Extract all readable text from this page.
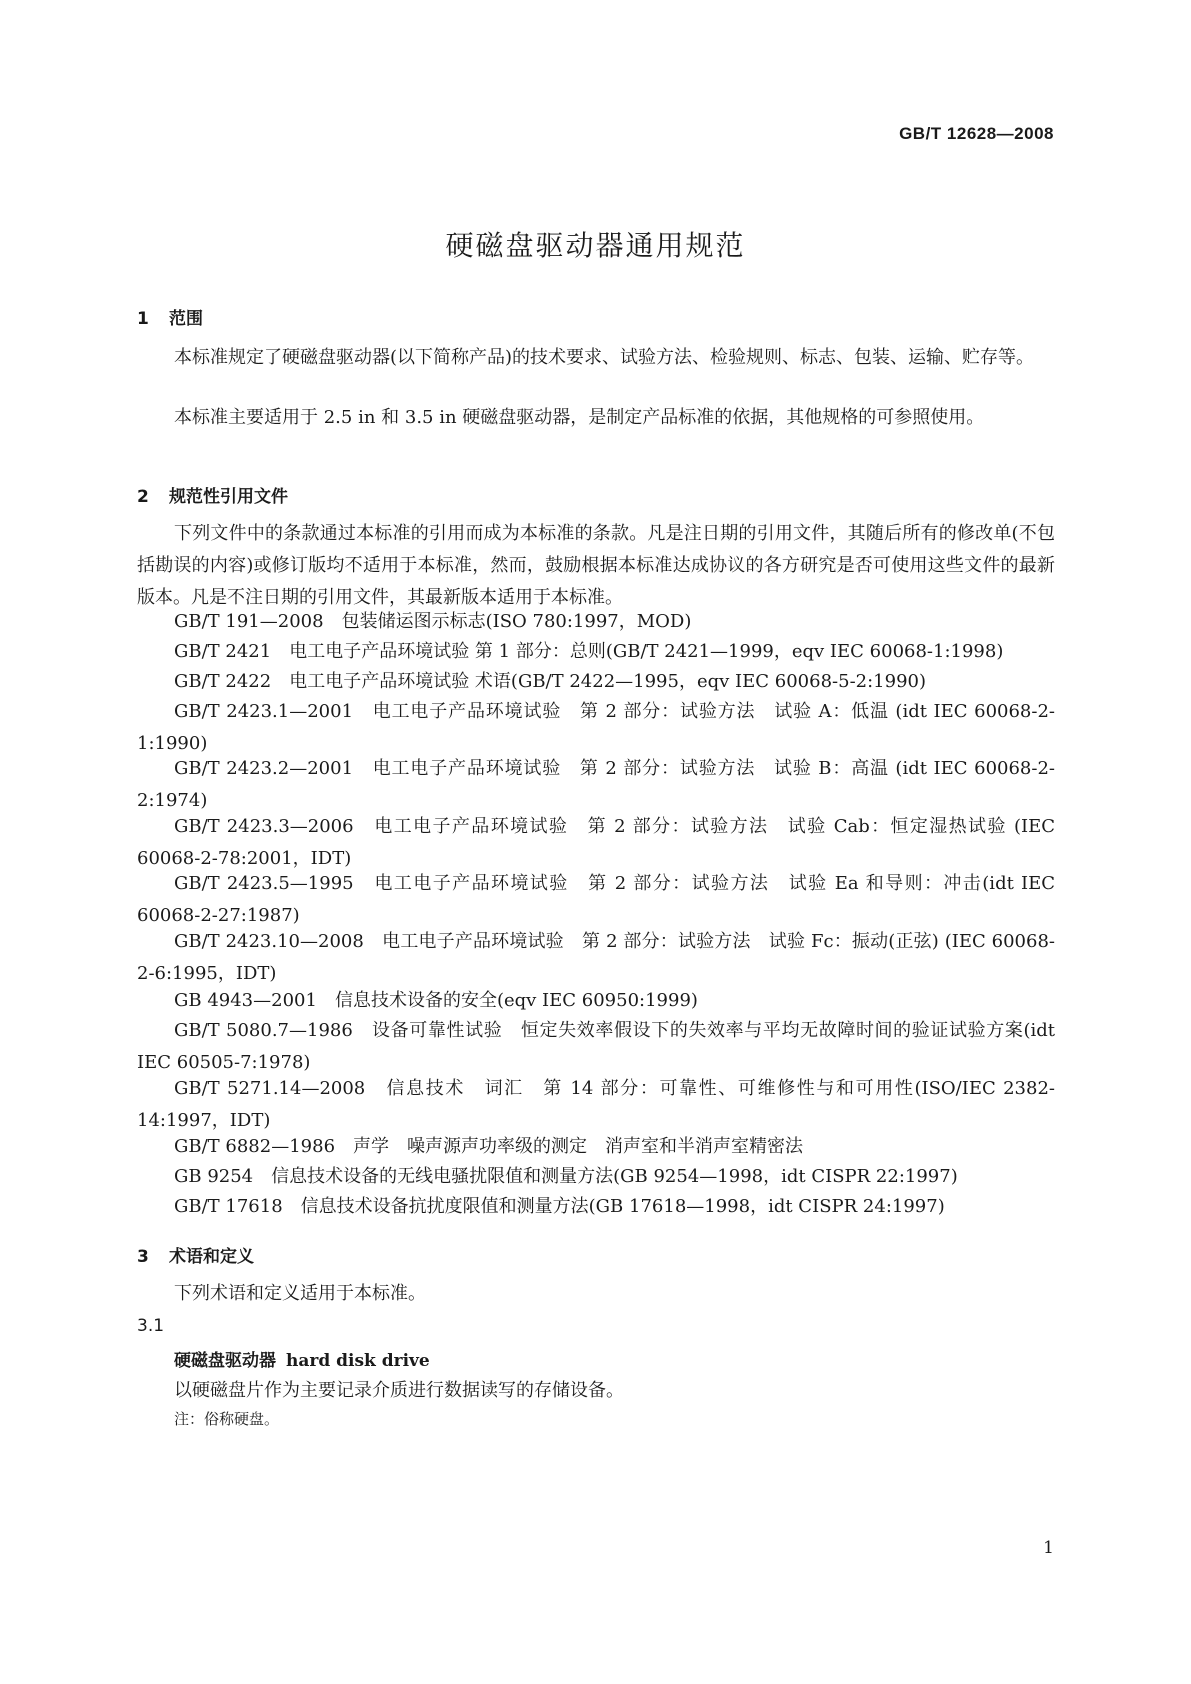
GB/T 12628—2008
硬磁盘驱动器通用规范
1 范围
本标准规定了硬磁盘驱动器(以下简称产品)的技术要求、试验方法、检验规则、标志、包装、运输、贮存等。
本标准主要适用于 2.5 in 和 3.5 in 硬磁盘驱动器，是制定产品标准的依据，其他规格的可参照使用。
2 规范性引用文件
下列文件中的条款通过本标准的引用而成为本标准的条款。凡是注日期的引用文件，其随后所有的修改单(不包括勘误的内容)或修订版均不适用于本标准，然而，鼓励根据本标准达成协议的各方研究是否可使用这些文件的最新版本。凡是不注日期的引用文件，其最新版本适用于本标准。
GB/T 191—2008　包装储运图示标志(ISO 780:1997，MOD)
GB/T 2421　电工电子产品环境试验 第 1 部分：总则(GB/T 2421—1999，eqv IEC 60068-1:1998)
GB/T 2422　电工电子产品环境试验 术语(GB/T 2422—1995，eqv IEC 60068-5-2:1990)
GB/T 2423.1—2001　电工电子产品环境试验　第 2 部分：试验方法　试验 A：低温 (idt IEC 60068-2-1:1990)
GB/T 2423.2—2001　电工电子产品环境试验　第 2 部分：试验方法　试验 B：高温 (idt IEC 60068-2-2:1974)
GB/T 2423.3—2006　电工电子产品环境试验　第 2 部分：试验方法　试验 Cab：恒定湿热试验 (IEC 60068-2-78:2001，IDT)
GB/T 2423.5—1995　电工电子产品环境试验　第 2 部分：试验方法　试验 Ea 和导则：冲击(idt IEC 60068-2-27:1987)
GB/T 2423.10—2008　电工电子产品环境试验　第 2 部分：试验方法　试验 Fc：振动(正弦) (IEC 60068-2-6:1995，IDT)
GB 4943—2001　信息技术设备的安全(eqv IEC 60950:1999)
GB/T 5080.7—1986　设备可靠性试验　恒定失效率假设下的失效率与平均无故障时间的验证试验方案(idt IEC 60505-7:1978)
GB/T 5271.14—2008　信息技术　词汇　第 14 部分：可靠性、可维修性与和可用性(ISO/IEC 2382-14:1997，IDT)
GB/T 6882—1986　声学　噪声源声功率级的测定　消声室和半消声室精密法
GB 9254　信息技术设备的无线电骚扰限值和测量方法(GB 9254—1998，idt CISPR 22:1997)
GB/T 17618　信息技术设备抗扰度限值和测量方法(GB 17618—1998，idt CISPR 24:1997)
3 术语和定义
下列术语和定义适用于本标准。
3.1
硬磁盘驱动器 hard disk drive
以硬磁盘片作为主要记录介质进行数据读写的存储设备。
注：俗称硬盘。
1
